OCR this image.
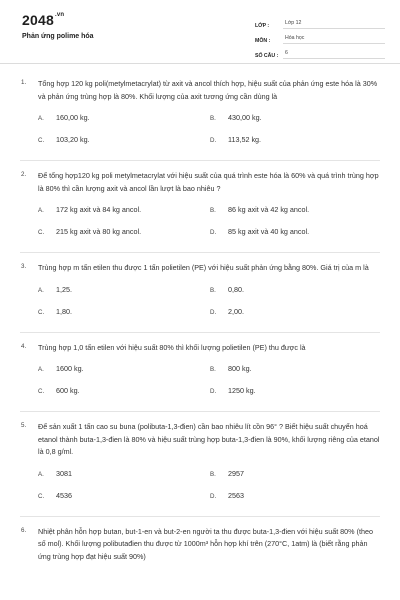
$2048^{.vn}$
Phản ứng polime hóa
LỚP :	Lớp 12
MÔN :	Hóa học
SỐ CÂU :	6
1. Tổng hợp 120 kg poli(metylmetacrylat) từ axit và ancol thích hợp, hiệu suất của phản ứng este hóa là 30% và phản ứng trùng hợp là 80%. Khối lượng của axit tương ứng cần dùng là
A.	160,00 kg.	B.	430,00 kg.
C.	103,20 kg.	D.	113,52 kg.
2. Để tổng hợp120 kg poli metylmetacrylat với hiệu suất của quá trình este hóa là 60% và quá trình trùng hợp là 80% thì cần lượng axit và ancol lần lượt là bao nhiêu ?
A.	172 kg axit và 84 kg ancol.	B.	86 kg axit và 42 kg ancol.
C.	215 kg axit và 80 kg ancol.	D.	85 kg axit và 40 kg ancol.
3. Trùng hợp m tấn etilen thu được 1 tấn polietilen (PE) với hiệu suất phản ứng bằng 80%. Giá trị của m là
A.	1,25.	B.	0,80.
C.	1,80.	D.	2,00.
4. Trùng hợp 1,0 tấn etilen với hiệu suất 80% thì khối lượng polietilen (PE) thu được là
A.	1600 kg.	B.	800 kg.
C.	600 kg.	D.	1250 kg.
5. Để sản xuất 1 tấn cao su buna (polibuta-1,3-đien) cần bao nhiêu lít cồn 96° ? Biết hiệu suất chuyển hoá etanol thành buta-1,3-đien là 80% và hiệu suất trùng hợp buta-1,3-đien là 90%, khối lượng riêng của etanol là 0,8 g/ml.
A.	3081	B.	2957
C.	4536	D.	2563
6. Nhiệt phân hỗn hợp butan, but-1-en và but-2-en người ta thu được buta-1,3-đien với hiệu suất 80% (theo số mol). Khối lượng polibutađien thu được từ 1000m³ hỗn hợp khí trên (270°C, 1atm) là (biết rằng phản ứng trùng hợp đạt hiệu suất 90%)
